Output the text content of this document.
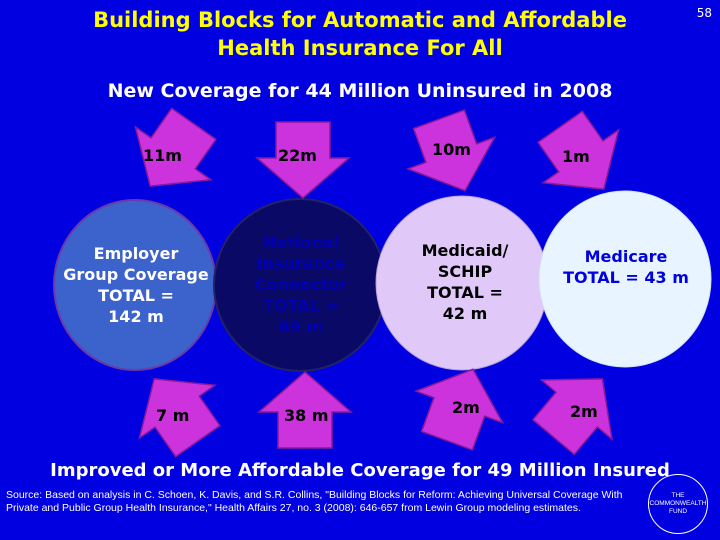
Building Blocks for Automatic and Affordable
Health Insurance For All
58
New Coverage for 44 Million Uninsured in 2008
Employer
Group Coverage
TOTAL =
142 m
National
Insurance
Connector
TOTAL =
69 m
Medicaid/
SCHIP
TOTAL =
42 m
Medicare
TOTAL = 43 m
11m	22m	10m	1m
7 m	38 m	2m	2m
Improved or More Affordable Coverage for 49 Million Insured
Source: Based on analysis in C. Schoen, K. Davis, and S.R. Collins, "Building Blocks for Reform: Achieving Universal Coverage With Private and Public Group Health Insurance," Health Affairs 27, no. 3 (2008): 646-657 from Lewin Group modeling estimates.
THE
COMMONWEALTH
FUND
